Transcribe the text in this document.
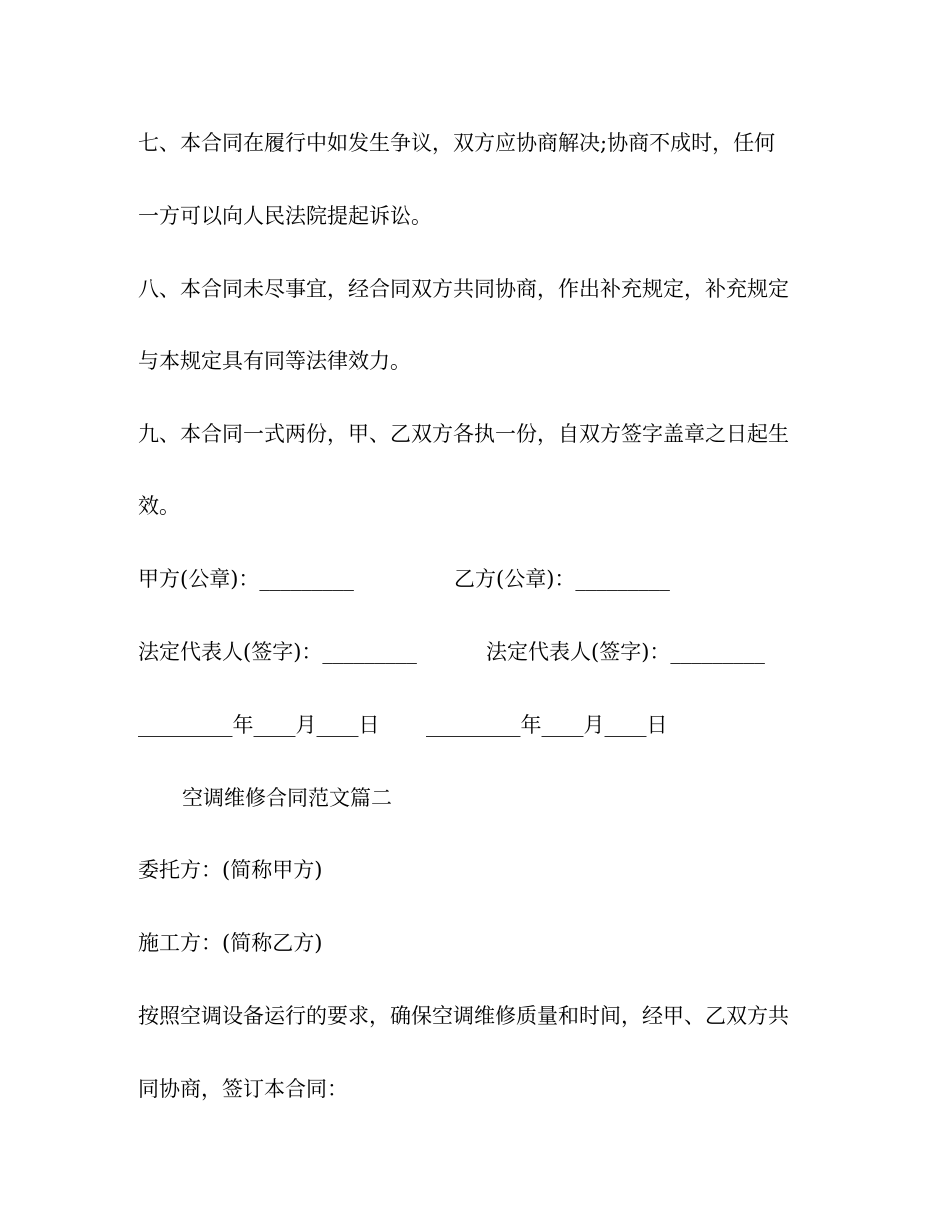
七、本合同在履行中如发生争议，双方应协商解决;协商不成时，任何
一方可以向人民法院提起诉讼。
八、本合同未尽事宜，经合同双方共同协商，作出补充规定，补充规定
与本规定具有同等法律效力。
九、本合同一式两份，甲、乙双方各执一份，自双方签字盖章之日起生
效。
甲方(公章)：_________	乙方(公章)：_________
法定代表人(签字)：_________	法定代表人(签字)：_________
_________年____月____日 _________年____月____日
空调维修合同范文篇二
委托方：(简称甲方)
施工方：(简称乙方)
按照空调设备运行的要求，确保空调维修质量和时间，经甲、乙双方共
同协商，签订本合同：
